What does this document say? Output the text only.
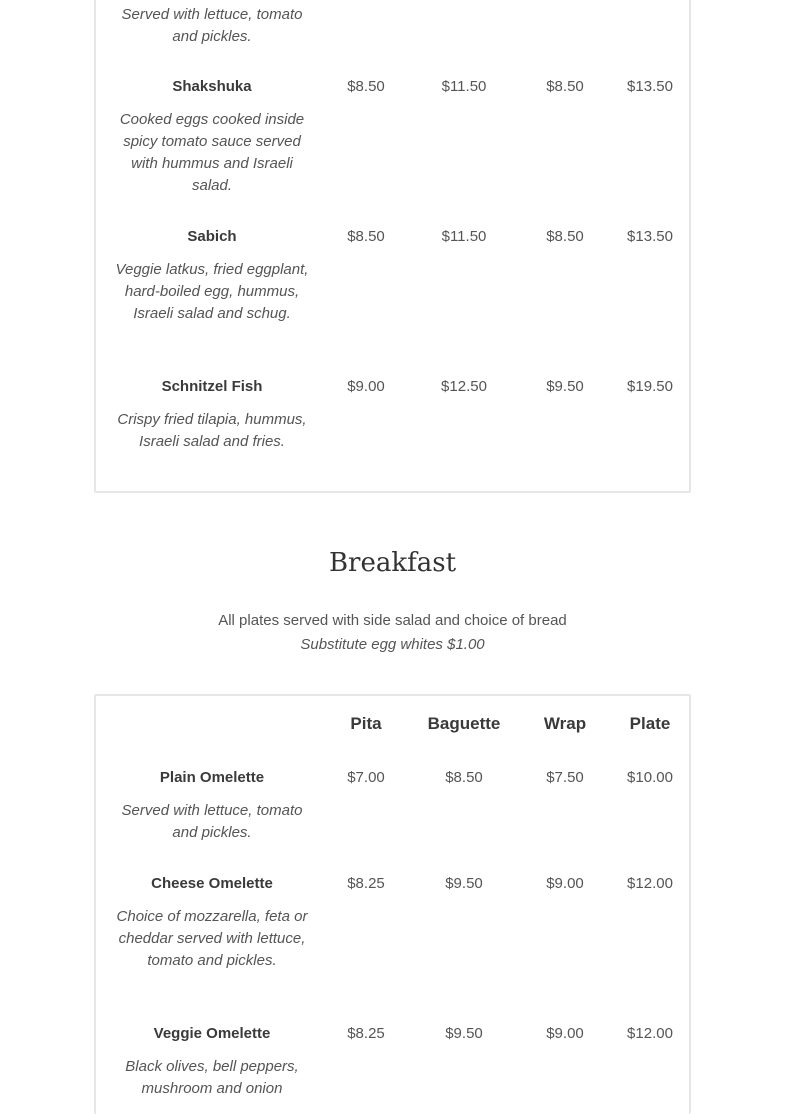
Served with lettuce, tomato and pickles.
Shakshuka	$8.50	$11.50	$8.50	$13.50
Cooked eggs cooked inside spicy tomato sauce served with hummus and Israeli salad.
Sabich	$8.50	$11.50	$8.50	$13.50
Veggie latkus, fried eggplant, hard-boiled egg, hummus, Israeli salad and schug.
Schnitzel Fish	$9.00	$12.50	$9.50	$19.50
Crispy fried tilapia, hummus, Israeli salad and fries.
Breakfast
All plates served with side salad and choice of bread
Substitute egg whites $1.00
Pita	Baguette	Wrap	Plate
Plain Omelette	$7.00	$8.50	$7.50	$10.00
Served with lettuce, tomato and pickles.
Cheese Omelette	$8.25	$9.50	$9.00	$12.00
Choice of mozzarella, feta or cheddar served with lettuce, tomato and pickles.
Veggie Omelette	$8.25	$9.50	$9.00	$12.00
Black olives, bell peppers, mushroom and onion
